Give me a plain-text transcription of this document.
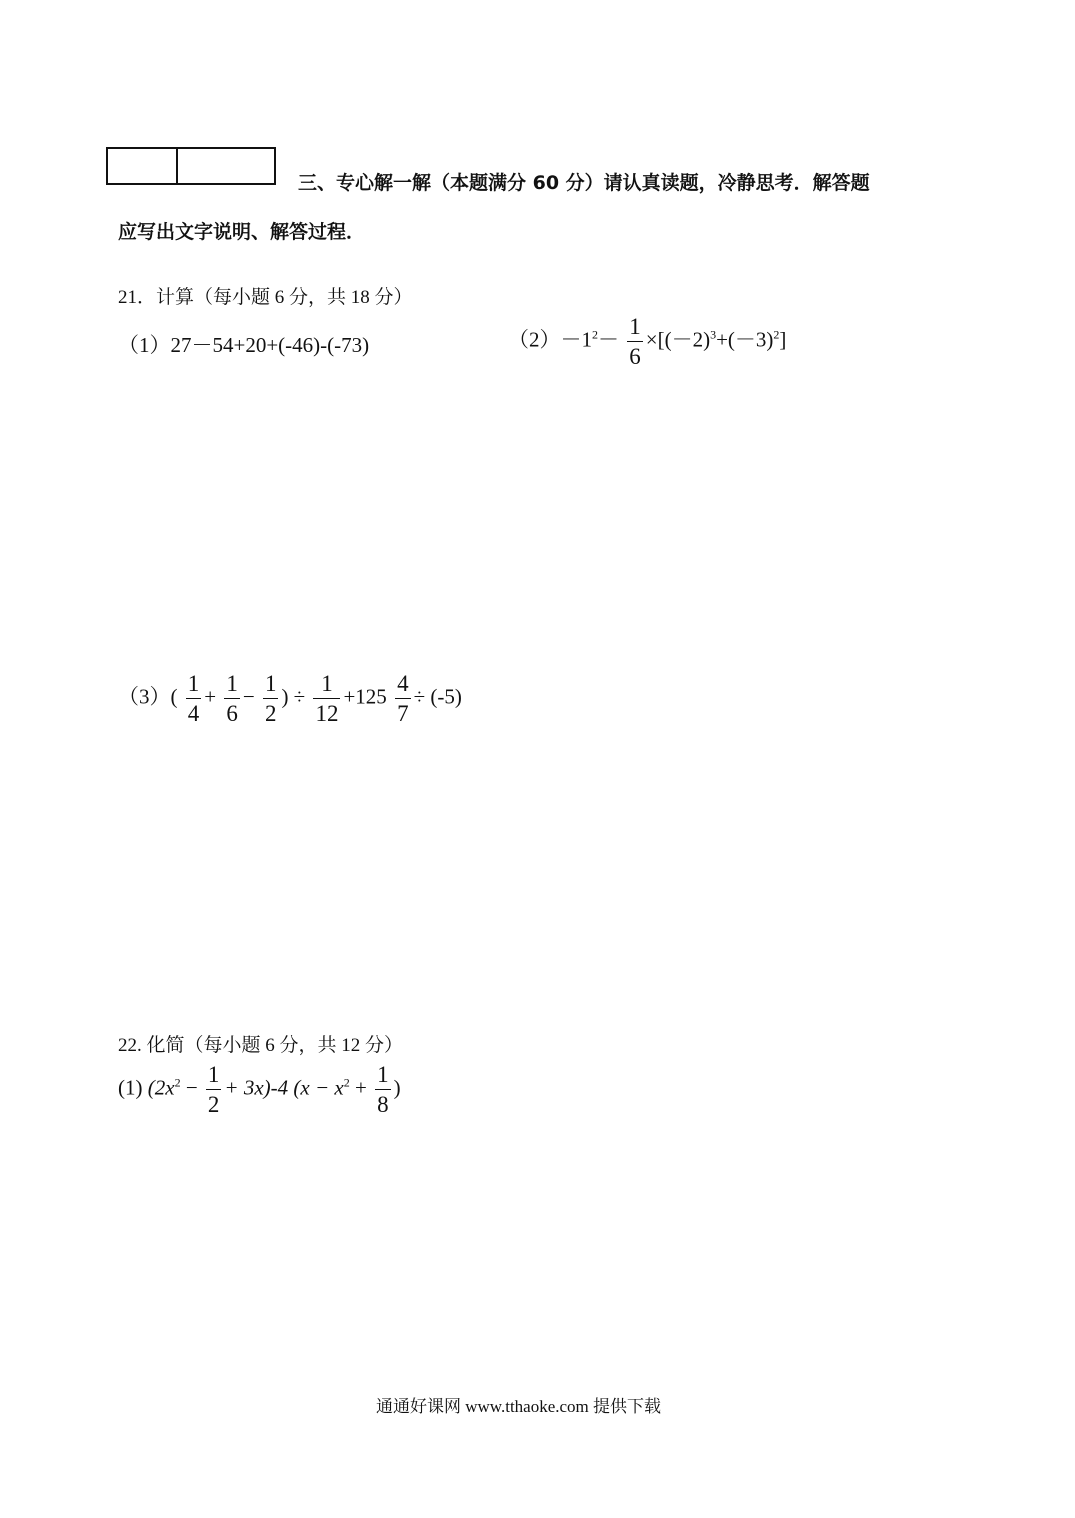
三、专心解一解（本题满分 60 分）请认真读题，冷静思考．解答题
应写出文字说明、解答过程．
21．计算（每小题 6 分，共 18 分）
（1）27－54+20+(-46)-(-73)	$(2)-1^2- \frac{1}{6} \times[(-2)^3+(-3)^2]$
$(3)( \frac{1}{4} + \frac{1}{6} - \frac{1}{2}$ ) ÷ $\frac{1}{12} +125 \frac{4}{7} \div (-5)$
22. 化简（每小题 6 分，共 12 分）
(1) $(2x^2 - \frac{1}{2} + 3x)-4$ ($x - x^2 + \frac{1}{8}$ )
通通好课网 www.tthaoke.com 提供下载
